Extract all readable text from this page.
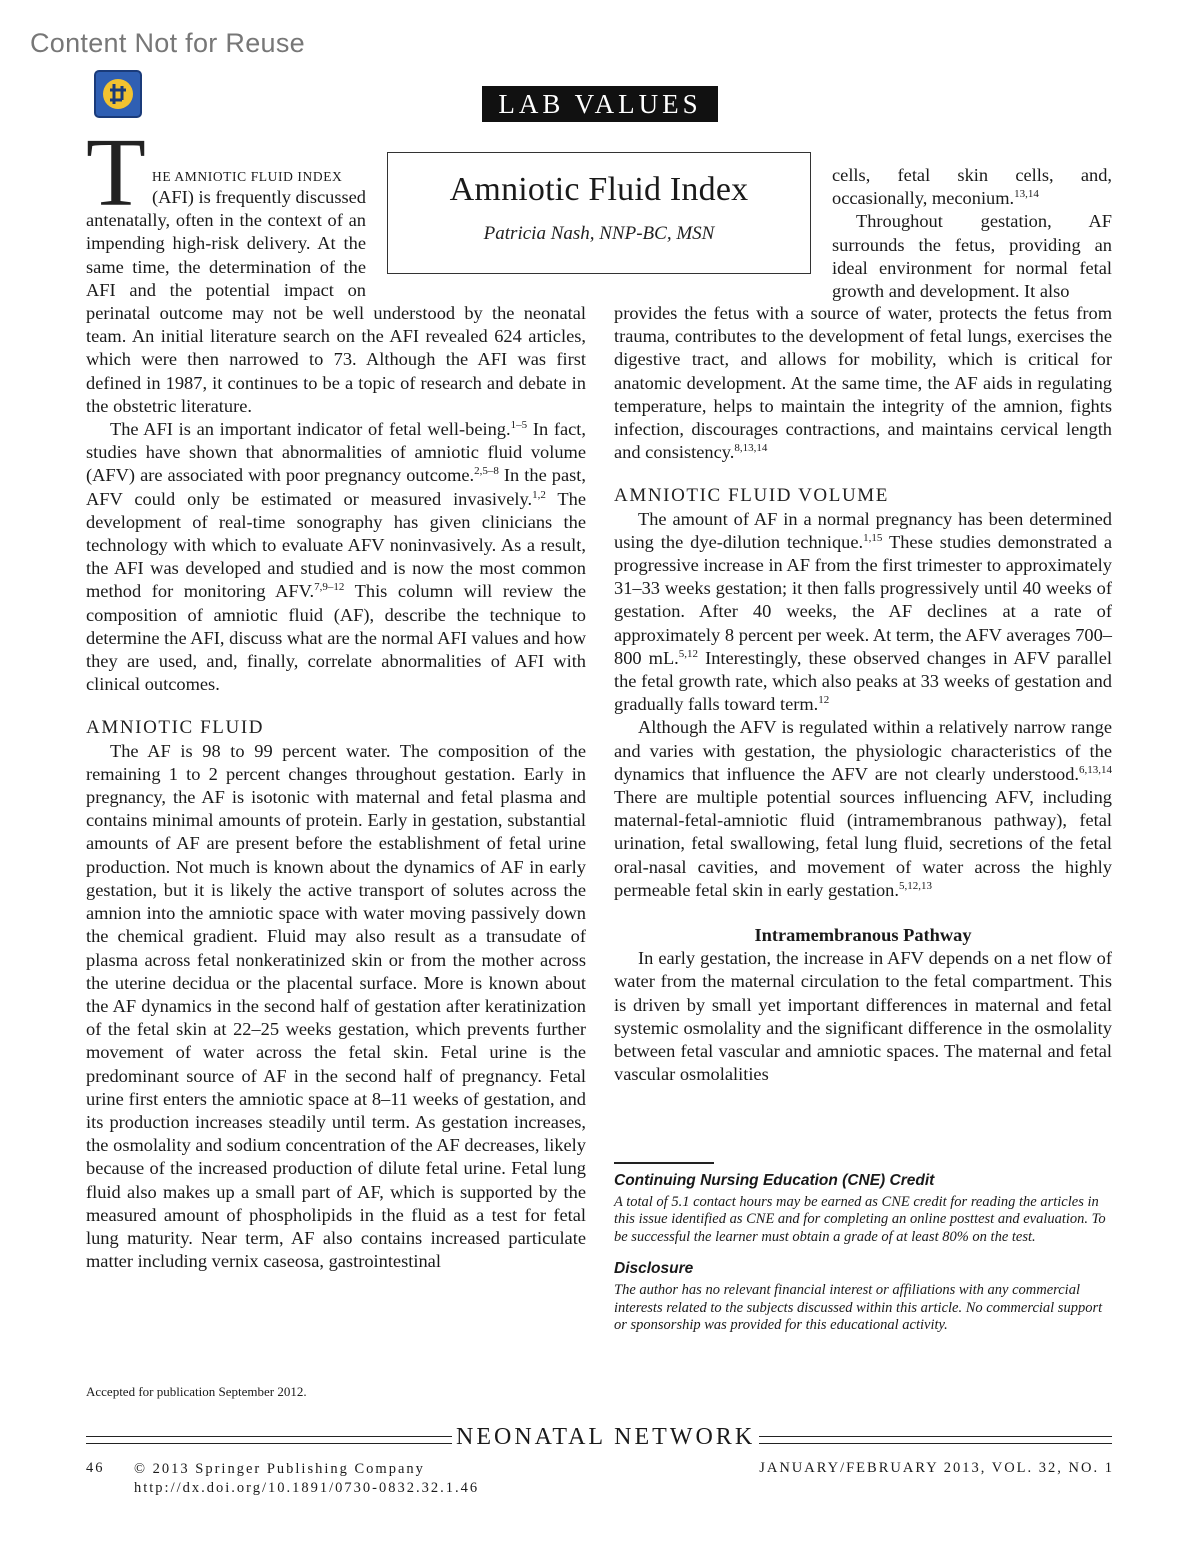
Content Not for Reuse
LAB VALUES
Amniotic Fluid Index
Patricia Nash, NNP-BC, MSN
T HE AMNIOTIC FLUID INDEX

(AFI) is frequently discussed antenatally, often in the context of an impending high-risk delivery. At the same time, the determination of the AFI and the potential impact on perinatal outcome may not be well understood by the neonatal team. An initial literature search on the AFI revealed 624 articles, which were then narrowed to 73. Although the AFI was first defined in 1987, it continues to be a topic of research and debate in the obstetric literature.

The AFI is an important indicator of fetal well-being.$^{1-5}$ In fact, studies have shown that abnormalities of amniotic fluid volume (AFV) are associated with poor pregnancy outcome.$^{2,5-8}$ In the past, AFV could only be estimated or measured invasively.$^{1,2}$ The development of real-time sonography has given clinicians the technology with which to evaluate AFV noninvasively. As a result, the AFI was developed and studied and is now the most common method for monitoring AFV.$^{7,9-12}$ This column will review the composition of amniotic fluid (AF), describe the technique to determine the AFI, discuss what are the normal AFI values and how they are used, and, finally, correlate abnormalities of AFI with clinical outcomes.

AMNIOTIC FLUID

The AF is 98 to 99 percent water. The composition of the remaining 1 to 2 percent changes throughout gestation. Early in pregnancy, the AF is isotonic with maternal and fetal plasma and contains minimal amounts of protein. Early in gestation, substantial amounts of AF are present before the establishment of fetal urine production. Not much is known about the dynamics of AF in early gestation, but it is likely the active transport of solutes across the amnion into the amniotic space with water moving passively down the chemical gradient. Fluid may also result as a transudate of plasma across fetal nonkeratinized skin or from the mother across the uterine decidua or the placental surface. More is known about the AF dynamics in the second half of gestation after keratinization of the fetal skin at 22–25 weeks gestation, which prevents further movement of water across the fetal skin. Fetal urine is the predominant source of AF in the second half of pregnancy. Fetal urine first enters the amniotic space at 8–11 weeks of gestation, and its production increases steadily until term. As gestation increases, the osmolality and sodium concentration of the AF decreases, likely because of the increased production of dilute fetal urine. Fetal lung fluid also makes up a small part of AF, which is supported by the measured amount of phospholipids in the fluid as a test for fetal lung maturity. Near term, AF also contains increased particulate matter including vernix caseosa, gastrointestinal

cells, fetal skin cells, and, occasionally, meconium.$^{13,14}$

Throughout gestation, AF surrounds the fetus, providing an ideal environment for normal fetal growth and development. It also

provides the fetus with a source of water, protects the fetus from trauma, contributes to the development of fetal lungs, exercises the digestive tract, and allows for mobility, which is critical for anatomic development. At the same time, the AF aids in regulating temperature, helps to maintain the integrity of the amnion, fights infection, discourages contractions, and maintains cervical length and consistency.$^{8,13,14}$

AMNIOTIC FLUID VOLUME

The amount of AF in a normal pregnancy has been determined using the dye-dilution technique.$^{1,15}$ These studies demonstrated a progressive increase in AF from the first trimester to approximately 31–33 weeks gestation; it then falls progressively until 40 weeks of gestation. After 40 weeks, the AF declines at a rate of approximately 8 percent per week. At term, the AFV averages 700–800 mL.$^{5,12}$ Interestingly, these observed changes in AFV parallel the fetal growth rate, which also peaks at 33 weeks of gestation and gradually falls toward term.$^{12}$

Although the AFV is regulated within a relatively narrow range and varies with gestation, the physiologic characteristics of the dynamics that influence the AFV are not clearly understood.$^{6,13,14}$ There are multiple potential sources influencing AFV, including maternal-fetal-amniotic fluid (intramembranous pathway), fetal urination, fetal swallowing, fetal lung fluid, secretions of the fetal oral-nasal cavities, and movement of water across the highly permeable fetal skin in early gestation.$^{5,12,13}$

Intramembranous Pathway

In early gestation, the increase in AFV depends on a net flow of water from the maternal circulation to the fetal compartment. This is driven by small yet important differences in maternal and fetal systemic osmolality and the significant difference in the osmolality between fetal vascular and amniotic spaces. The maternal and fetal vascular osmolalities

Continuing Nursing Education (CNE) Credit

A total of 5.1 contact hours may be earned as CNE credit for reading the articles in this issue identified as CNE and for completing an online posttest and evaluation. To be successful the learner must obtain a grade of at least 80% on the test.

Disclosure

The author has no relevant financial interest or affiliations with any commercial interests related to the subjects discussed within this article. No commercial support or sponsorship was provided for this educational activity.

Accepted for publication September 2012.
NEONATAL NETWORK
46 © 2013 Springer Publishing Company
http://dx.doi.org/10.1891/0730-0832.32.1.46
JANUARY/FEBRUARY 2013, VOL. 32, NO. 1
